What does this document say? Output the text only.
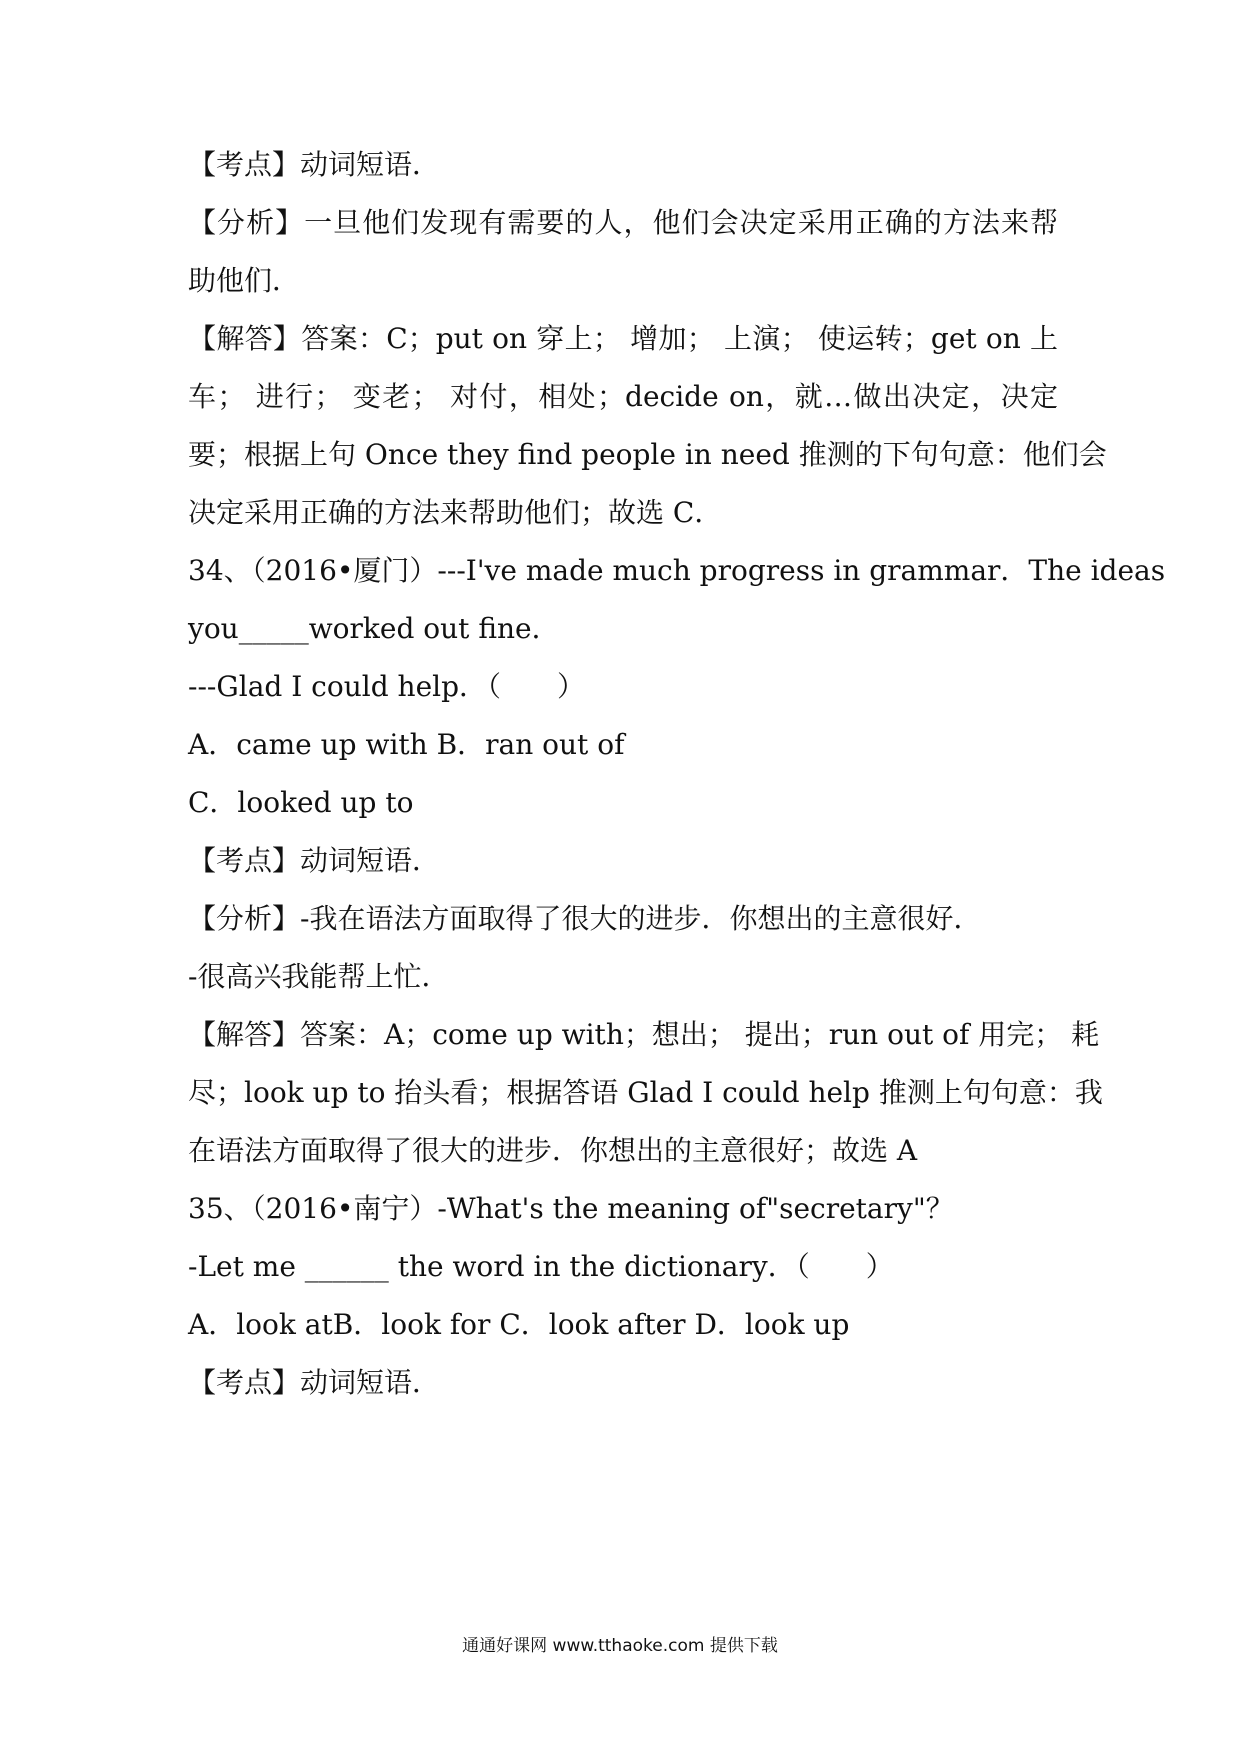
【考点】动词短语．
【分析】一旦他们发现有需要的人，他们会决定采用正确的方法来帮
助他们．
【解答】答案：C；put on 穿上； 增加； 上演； 使运转；get on 上
车； 进行； 变老； 对付，相处；decide on，就…做出决定，决定
要；根据上句 Once they find people in need 推测的下句句意：他们会
决定采用正确的方法来帮助他们；故选 C．
34、（2016•厦门）---I've made much progress in grammar．The ideas
you_____worked out fine．
---Glad I could help．（　　）
A．came up with B．ran out of
C．looked up to
【考点】动词短语．
【分析】-我在语法方面取得了很大的进步．你想出的主意很好．
-很高兴我能帮上忙．
【解答】答案：A；come up with；想出； 提出；run out of 用完； 耗
尽；look up to 抬头看；根据答语 Glad I could help 推测上句句意：我
在语法方面取得了很大的进步．你想出的主意很好；故选 A
35、（2016•南宁）-What's the meaning of"secretary"？
-Let me ______ the word in the dictionary．（　　）
A．look atB．look for C．look after D．look up
【考点】动词短语．
通通好课网 www.tthaoke.com 提供下载
